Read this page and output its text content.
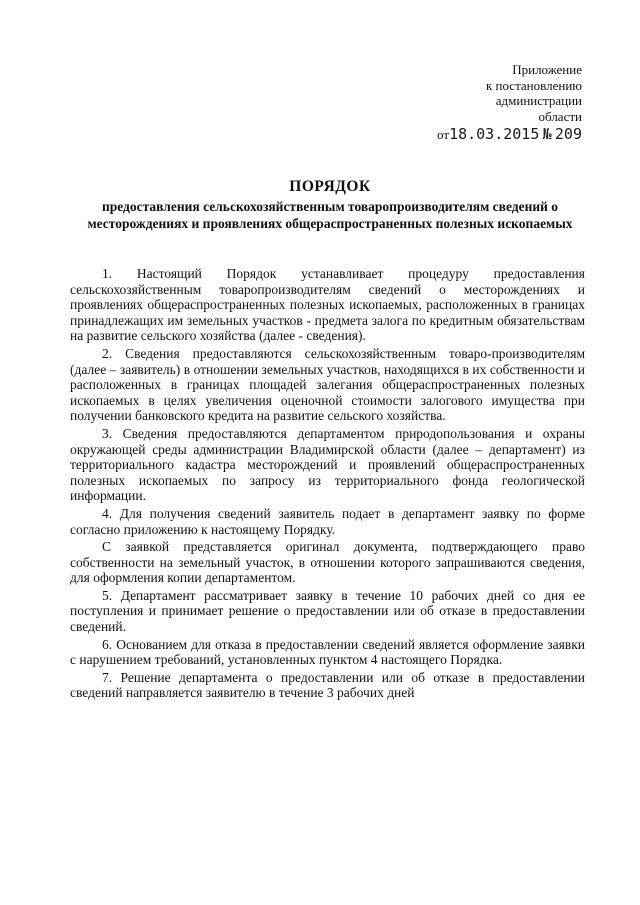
Приложение
к постановлению
администрации
области
от18.03.2015 № 209
ПОРЯДОК
предоставления сельскохозяйственным товаропроизводителям сведений о месторождениях и проявлениях общераспространенных полезных ископаемых

1. Настоящий Порядок устанавливает процедуру предоставления сельскохозяйственным товаропроизводителям сведений о месторождениях и проявлениях общераспространенных полезных ископаемых, расположенных в границах принадлежащих им земельных участков - предмета залога по кредитным обязательствам на развитие сельского хозяйства (далее - сведения).

2. Сведения предоставляются сельскохозяйственным товаро-производителям (далее – заявитель) в отношении земельных участков, находящихся в их собственности и расположенных в границах площадей залегания общераспространенных полезных ископаемых в целях увеличения оценочной стоимости залогового имущества при получении банковского кредита на развитие сельского хозяйства.

3. Сведения предоставляются департаментом природопользования и охраны окружающей среды администрации Владимирской области (далее – департамент) из территориального кадастра месторождений и проявлений общераспространенных полезных ископаемых по запросу из территориального фонда геологической информации.

4. Для получения сведений заявитель подает в департамент заявку по форме согласно приложению к настоящему Порядку.

С заявкой представляется оригинал документа, подтверждающего право собственности на земельный участок, в отношении которого запрашиваются сведения, для оформления копии департаментом.

5. Департамент рассматривает заявку в течение 10 рабочих дней со дня ее поступления и принимает решение о предоставлении или об отказе в предоставлении сведений.

6. Основанием для отказа в предоставлении сведений является оформление заявки с нарушением требований, установленных пунктом 4 настоящего Порядка.

7. Решение департамента о предоставлении или об отказе в предоставлении сведений направляется заявителю в течение 3 рабочих дней
